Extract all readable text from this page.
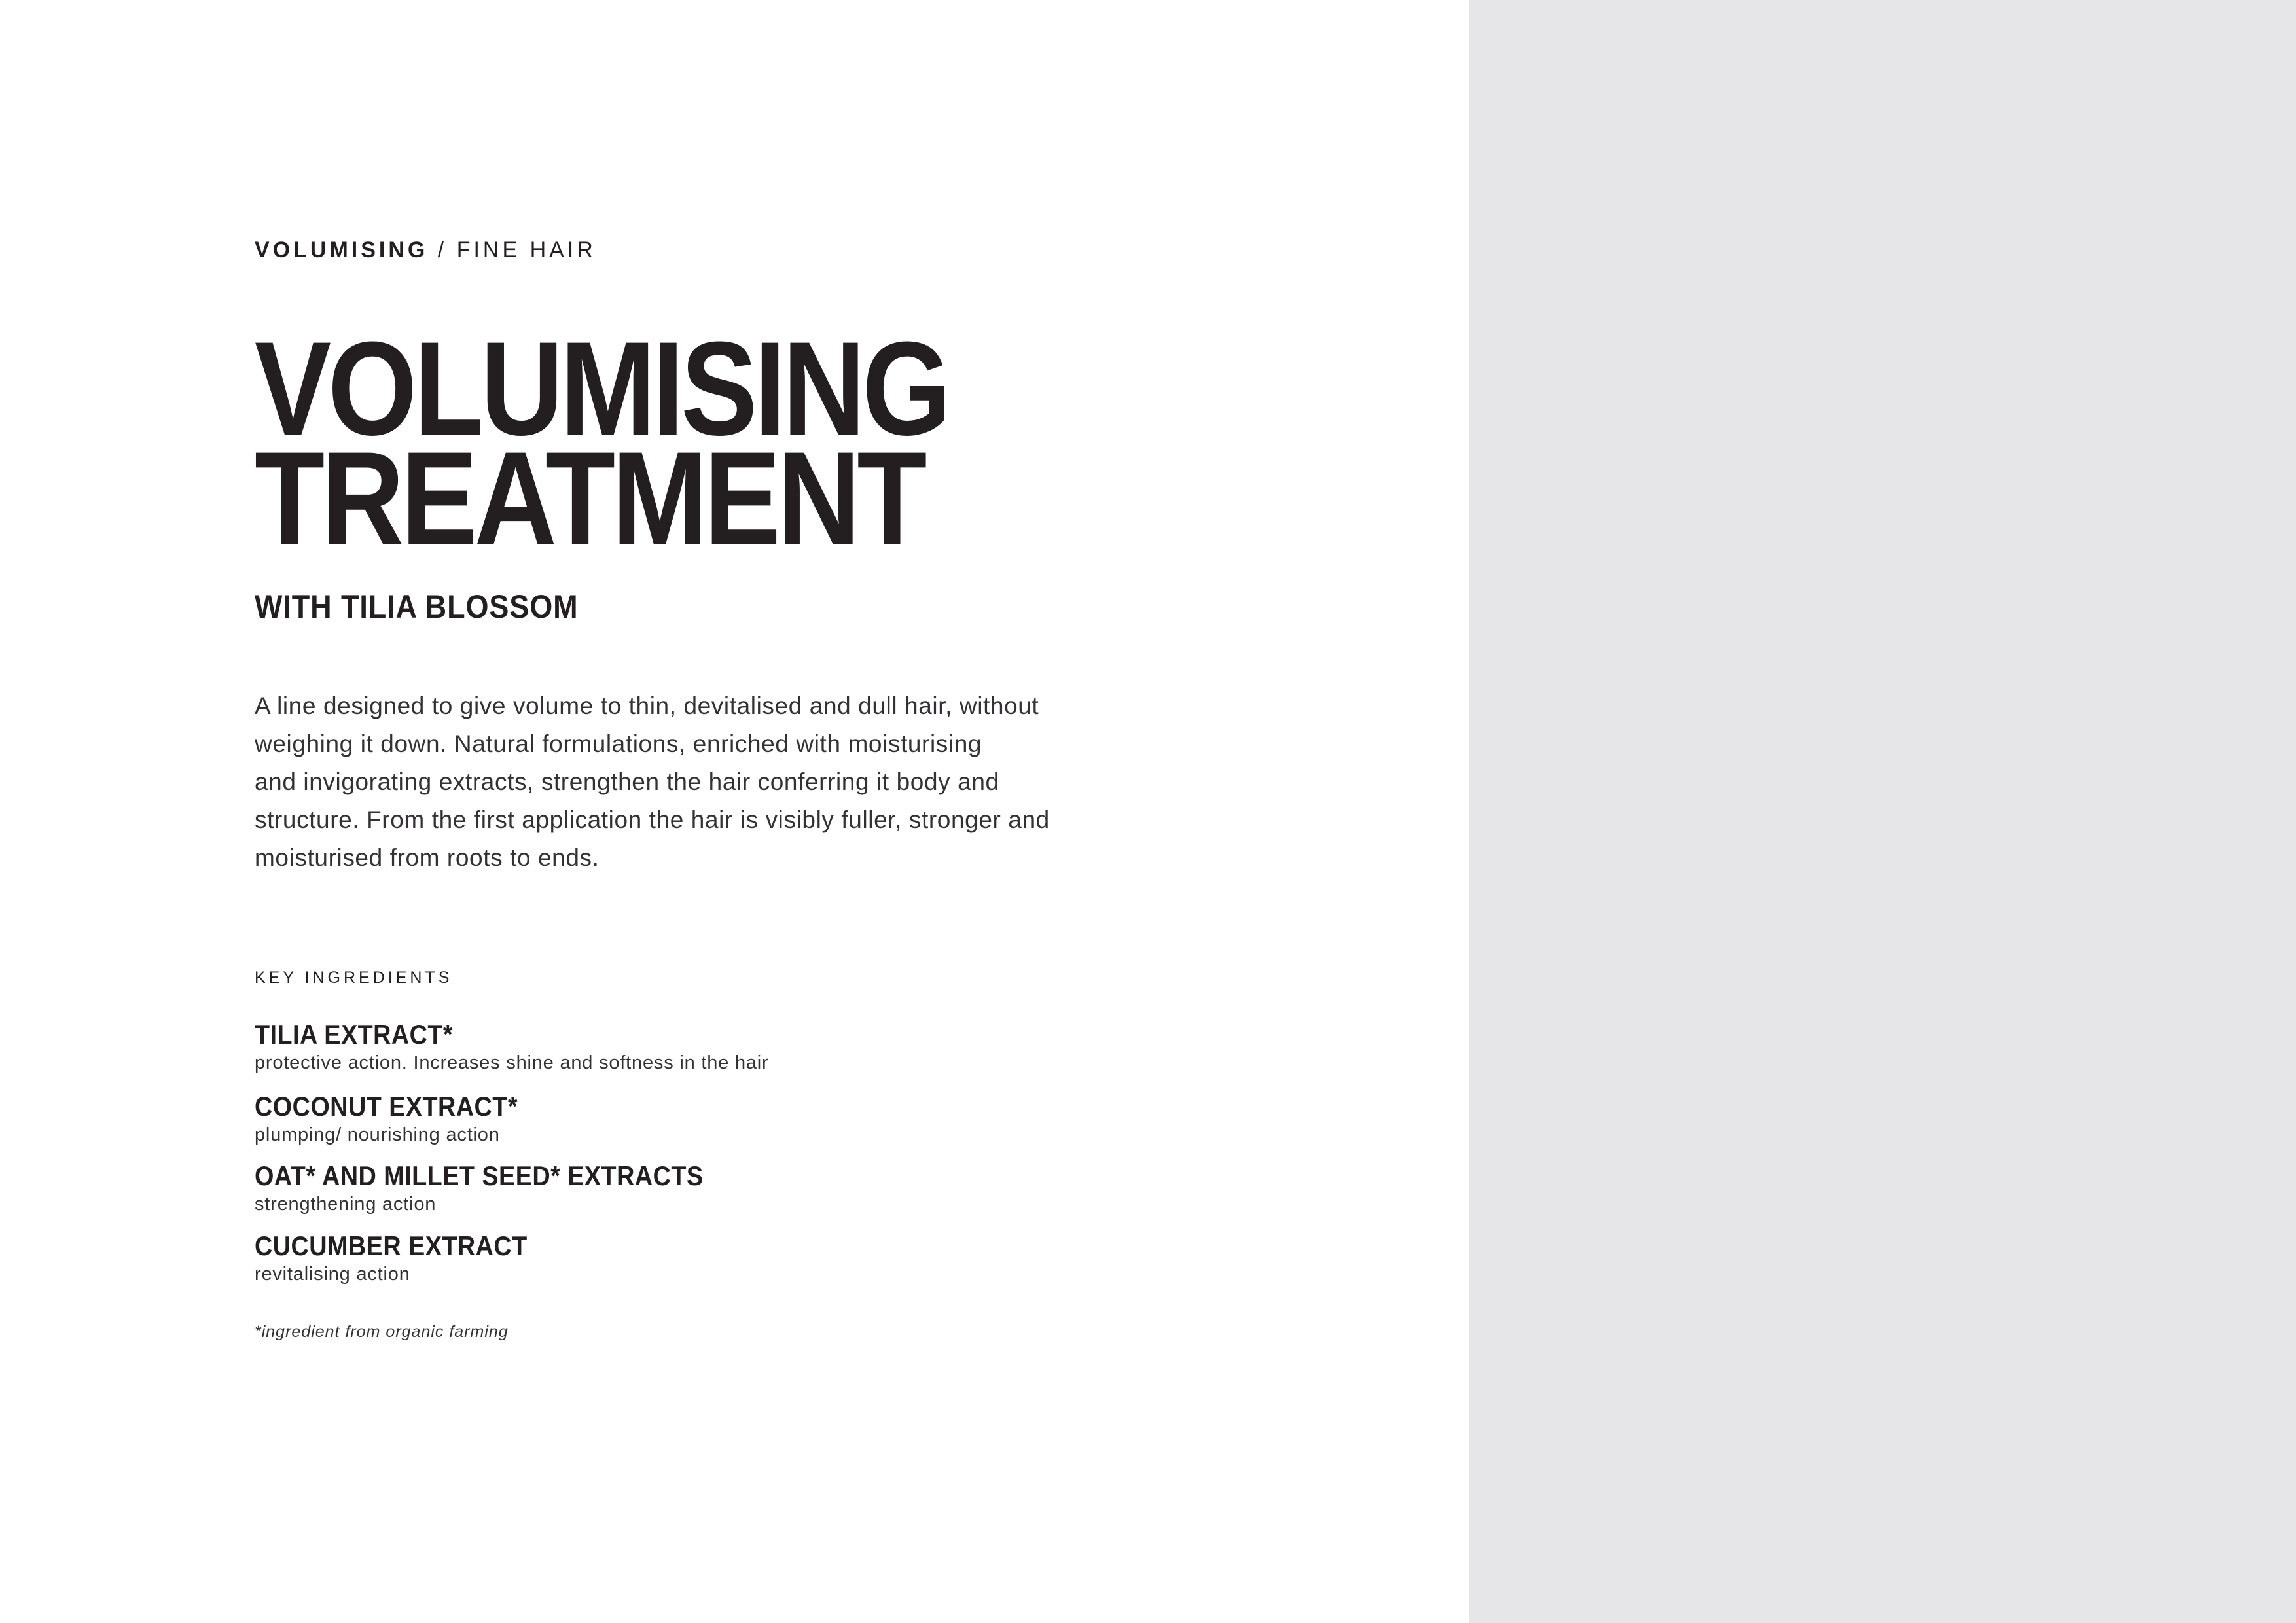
VOLUMISING / FINE HAIR
VOLUMISING
TREATMENT
WITH TILIA BLOSSOM

A line designed to give volume to thin, devitalised and dull hair, without
weighing it down. Natural formulations, enriched with moisturising
and invigorating extracts, strengthen the hair conferring it body and
structure. From the first application the hair is visibly fuller, stronger and
moisturised from roots to ends.

KEY INGREDIENTS
TILIA EXTRACT*
protective action. Increases shine and softness in the hair
COCONUT EXTRACT*
plumping/ nourishing action
OAT* AND MILLET SEED* EXTRACTS
strengthening action
CUCUMBER EXTRACT
revitalising action
*ingredient from organic farming
